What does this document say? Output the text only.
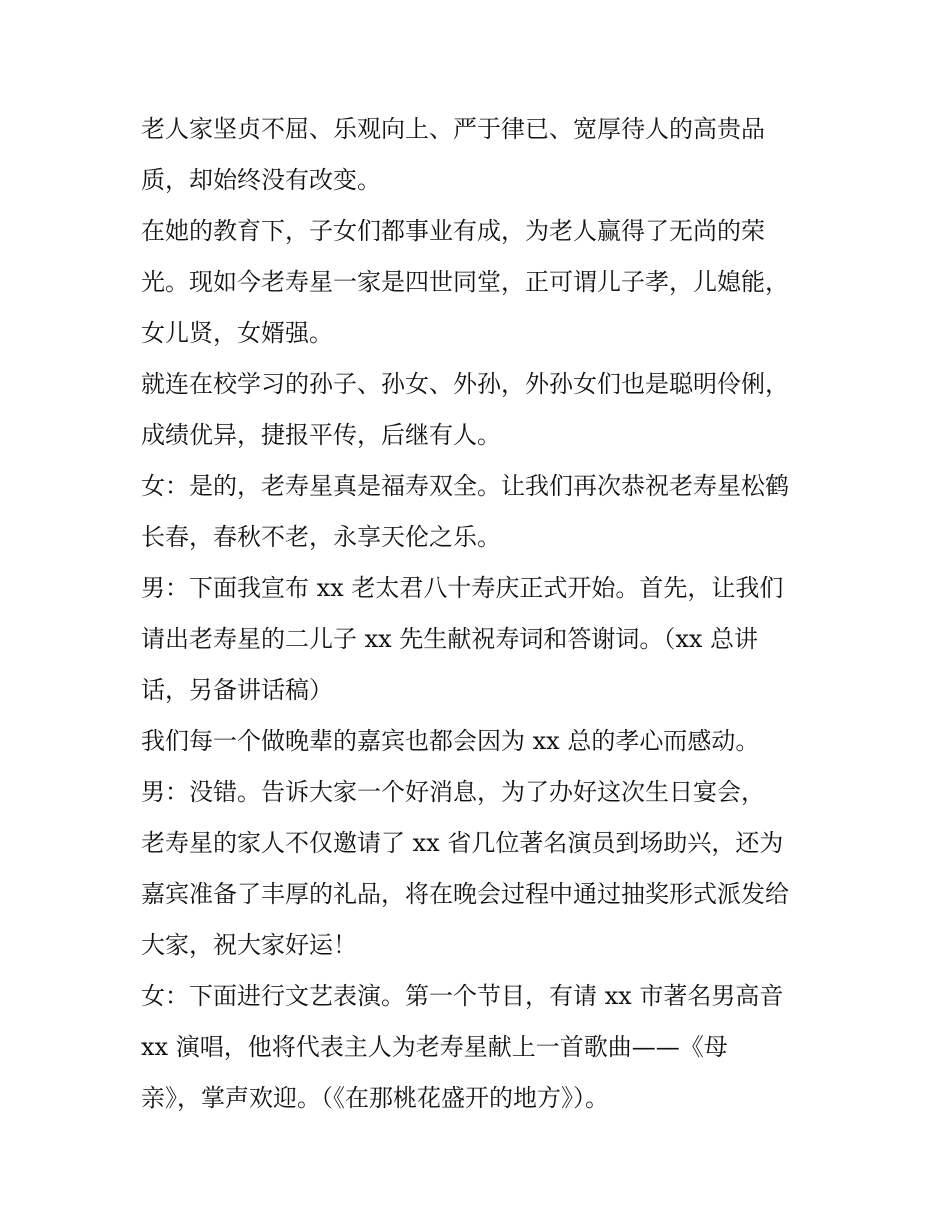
老人家坚贞不屈、乐观向上、严于律已、宽厚待人的高贵品
质，却始终没有改变。
在她的教育下，子女们都事业有成，为老人赢得了无尚的荣
光。现如今老寿星一家是四世同堂，正可谓儿子孝，儿媳能，
女儿贤，女婿强。
就连在校学习的孙子、孙女、外孙，外孙女们也是聪明伶俐，
成绩优异，捷报平传，后继有人。
女：是的，老寿星真是福寿双全。让我们再次恭祝老寿星松鹤
长春，春秋不老，永享天伦之乐。
男：下面我宣布 xx 老太君八十寿庆正式开始。首先，让我们
请出老寿星的二儿子 xx 先生献祝寿词和答谢词。（xx 总讲
话，另备讲话稿）
我们每一个做晚辈的嘉宾也都会因为 xx 总的孝心而感动。
男：没错。告诉大家一个好消息，为了办好这次生日宴会，
老寿星的家人不仅邀请了 xx 省几位著名演员到场助兴，还为
嘉宾准备了丰厚的礼品，将在晚会过程中通过抽奖形式派发给
大家，祝大家好运！
女：下面进行文艺表演。第一个节目，有请 xx 市著名男高音
xx 演唱，他将代表主人为老寿星献上一首歌曲——《母
亲》，掌声欢迎。（《在那桃花盛开的地方》）。
